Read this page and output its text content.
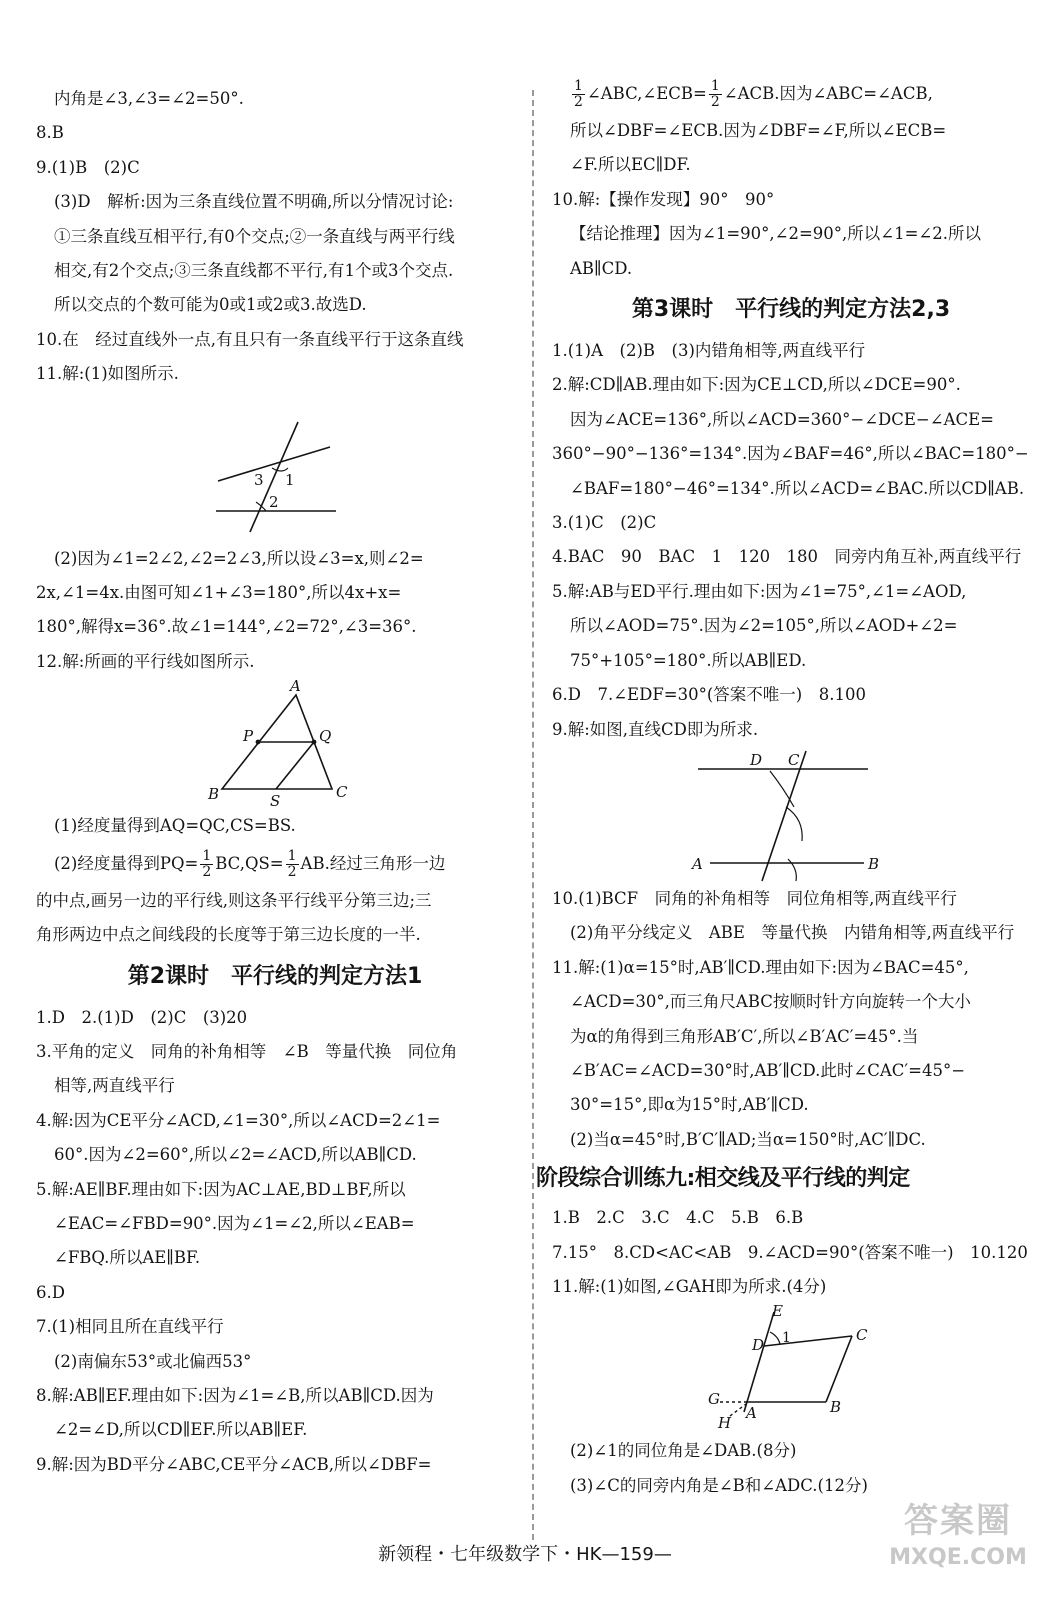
内角是∠3,∠3=∠2=50°.
8.B
9.(1)B　(2)C
(3)D　解析:因为三条直线位置不明确,所以分情况讨论:
①三条直线互相平行,有0个交点;②一条直线与两平行线
相交,有2个交点;③三条直线都不平行,有1个或3个交点.
所以交点的个数可能为0或1或2或3.故选D.
10.在　经过直线外一点,有且只有一条直线平行于这条直线
11.解:(1)如图所示.
1
2
3
(2)因为∠1=2∠2,∠2=2∠3,所以设∠3=x,则∠2=
2x,∠1=4x.由图可知∠1+∠3=180°,所以4x+x=
180°,解得x=36°.故∠1=144°,∠2=72°,∠3=36°.
12.解:所画的平行线如图所示.
A
B	C
P	Q
S
(1)经度量得到AQ=QC,CS=BS.
(2)经度量得到$PQ= \frac{1}{2} BC,QS= \frac{1}{2}$ AB.经过三角形一边
的中点,画另一边的平行线,则这条平行线平分第三边;三
角形两边中点之间线段的长度等于第三边长度的一半.
第2课时　平行线的判定方法1
1.D　2.(1)D　(2)C　(3)20
3.平角的定义　同角的补角相等　∠B　等量代换　同位角
相等,两直线平行
4.解:因为CE平分∠ACD,∠1=30°,所以∠ACD=2∠1=
60°.因为∠2=60°,所以∠2=∠ACD,所以AB∥CD.
5.解:AE∥BF.理由如下:因为AC⊥AE,BD⊥BF,所以
∠EAC=∠FBD=90°.因为∠1=∠2,所以∠EAB=
∠FBQ.所以AE∥BF.
6.D
7.(1)相同且所在直线平行
(2)南偏东53°或北偏西53°
8.解:AB∥EF.理由如下:因为∠1=∠B,所以AB∥CD.因为
∠2=∠D,所以CD∥EF.所以AB∥EF.
9.解:因为BD平分∠ABC,CE平分∠ACB,所以∠DBF=
$\frac{1}{2}$ ∠ABC,∠ECB= $\frac{1}{2}$ ∠ACB.因为∠ABC=∠ACB,
所以∠DBF=∠ECB.因为∠DBF=∠F,所以∠ECB=
∠F.所以EC∥DF.
10.解:【操作发现】90°　90°
【结论推理】因为∠1=90°,∠2=90°,所以∠1=∠2.所以
AB∥CD.
第3课时　平行线的判定方法2,3
1.(1)A　(2)B　(3)内错角相等,两直线平行
2.解:CD∥AB.理由如下:因为CE⊥CD,所以∠DCE=90°.
因为∠ACE=136°,所以∠ACD=360°−∠DCE−∠ACE=
360°−90°−136°=134°.因为∠BAF=46°,所以∠BAC=180°−
∠BAF=180°−46°=134°.所以∠ACD=∠BAC.所以CD∥AB.
3.(1)C　(2)C
4.BAC　90　BAC　1　120　180　同旁内角互补,两直线平行
5.解:AB与ED平行.理由如下:因为∠1=75°,∠1=∠AOD,
所以∠AOD=75°.因为∠2=105°,所以∠AOD+∠2=
75°+105°=180°.所以AB∥ED.
6.D　7.∠EDF=30°(答案不唯一)　8.100
9.解:如图,直线CD即为所求.
D C
A	B
10.(1)BCF　同角的补角相等　同位角相等,两直线平行
(2)角平分线定义　ABE　等量代换　内错角相等,两直线平行
11.解:(1)α=15°时,AB′∥CD.理由如下:因为∠BAC=45°,
∠ACD=30°,而三角尺ABC按顺时针方向旋转一个大小
为α的角得到三角形AB′C′,所以∠B′AC′=45°.当
∠B′AC=∠ACD=30°时,AB′∥CD.此时∠CAC′=45°−
30°=15°,即α为15°时,AB′∥CD.
(2)当α=45°时,B′C′∥AD;当α=150°时,AC′∥DC.
阶段综合训练九:相交线及平行线的判定
1.B　2.C　3.C　4.C　5.B　6.B
7.15°　8.CD<AC<AB　9.∠ACD=90°(答案不唯一)　10.120
11.解:(1)如图,∠GAH即为所求.(4分)
E
D 1	C
B
A
G
H
(2)∠1的同位角是∠DAB.(8分)
(3)∠C的同旁内角是∠B和∠ADC.(12分)
新领程・七年级数学下・HK—159—
答案圈
MXQE.COM
